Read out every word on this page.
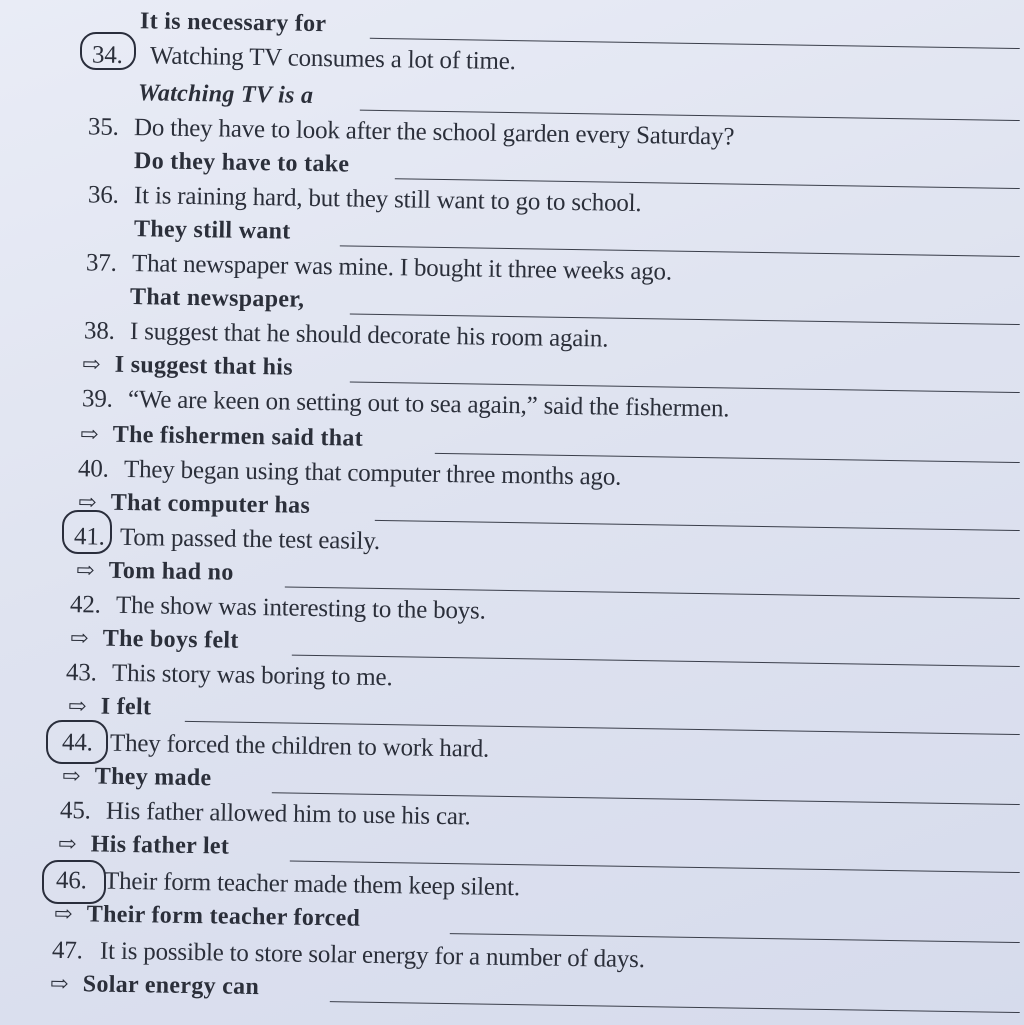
It is necessary for
34. Watching TV consumes a lot of time.
Watching TV is a
35. Do they have to look after the school garden every Saturday?
Do they have to take
36. It is raining hard, but they still want to go to school.
They still want
37. That newspaper was mine. I bought it three weeks ago.
That newspaper,
38. I suggest that he should decorate his room again.
⇨ I suggest that his
39. “We are keen on setting out to sea again,” said the fishermen.
⇨ The fishermen said that
40. They began using that computer three months ago.
⇨ That computer has
41. Tom passed the test easily.
⇨ Tom had no
42. The show was interesting to the boys.
⇨ The boys felt
43. This story was boring to me.
⇨ I felt
44. They forced the children to work hard.
⇨ They made
45. His father allowed him to use his car.
⇨ His father let
46. Their form teacher made them keep silent.
⇨ Their form teacher forced
47. It is possible to store solar energy for a number of days.
⇨ Solar energy can
